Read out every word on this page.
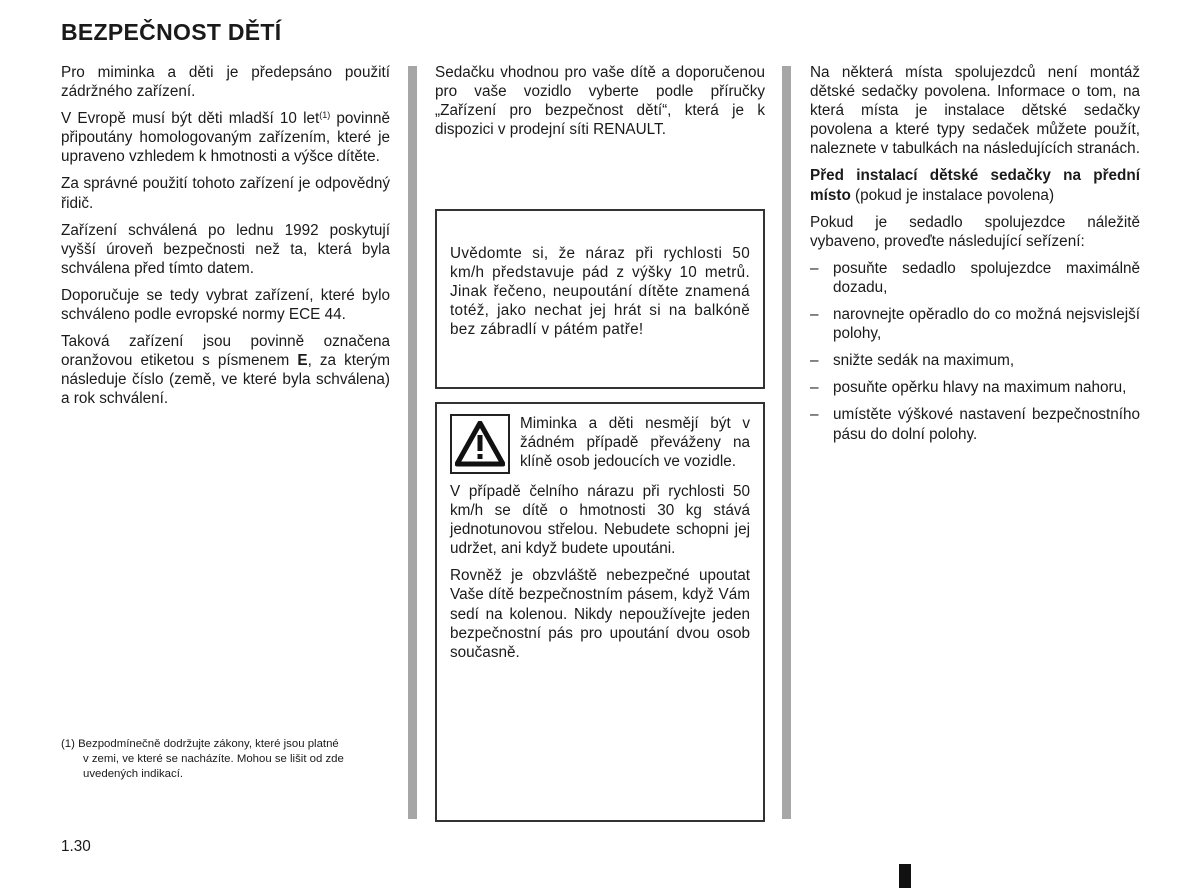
BEZPEČNOST DĚTÍ

Pro miminka a děti je předepsáno použití zádržného zařízení.

V Evropě musí být děti mladší 10 let$^{(1)}$ povinně připoutány homologovaným zařízením, které je upraveno vzhledem k hmotnosti a výšce dítěte.

Za správné použití tohoto zařízení je odpovědný řidič.

Zařízení schválená po lednu 1992 poskytují vyšší úroveň bezpečnosti než ta, která byla schválena před tímto datem.

Doporučuje se tedy vybrat zařízení, které bylo schváleno podle evropské normy ECE 44.

Taková zařízení jsou povinně označena oranžovou etiketou s písmenem E, za kterým následuje číslo (země, ve které byla schválena) a rok schválení.

(1) Bezpodmínečně dodržujte zákony, které jsou platné
v zemi, ve které se nacházíte. Mohou se lišit od zde uvedených indikací.

Sedačku vhodnou pro vaše dítě a doporučenou pro vaše vozidlo vyberte podle příručky „Zařízení pro bezpečnost dětí“, která je k dispozici v prodejní síti RENAULT.

Uvědomte si, že náraz při rychlosti 50 km/h představuje pád z výšky 10 metrů. Jinak řečeno, neupoutání dítěte znamená totéž, jako nechat jej hrát si na balkóně bez zábradlí v pátém patře!

Miminka a děti nesmějí být v žádném případě převáženy na klíně osob jedoucích ve vozidle.

V případě čelního nárazu při rychlosti 50 km/h se dítě o hmotnosti 30 kg stává jednotunovou střelou. Nebudete schopni jej udržet, ani když budete upoutáni.

Rovněž je obzvláště nebezpečné upoutat Vaše dítě bezpečnostním pásem, když Vám sedí na kolenou. Nikdy nepoužívejte jeden bezpečnostní pás pro upoutání dvou osob současně.

Na některá místa spolujezdců není montáž dětské sedačky povolena. Informace o tom, na která místa je instalace dětské sedačky povolena a které typy sedaček můžete použít, naleznete v tabulkách na následujících stranách.

Před instalací dětské sedačky na přední místo (pokud je instalace povolena)

Pokud je sedadlo spolujezdce náležitě vybaveno, proveďte následující seřízení:

– posuňte sedadlo spolujezdce maximálně dozadu,
– narovnejte opěradlo do co možná nejsvislejší polohy,
– snižte sedák na maximum,
– posuňte opěrku hlavy na maximum nahoru,
– umístěte výškové nastavení bezpečnostního pásu do dolní polohy.
1.30
